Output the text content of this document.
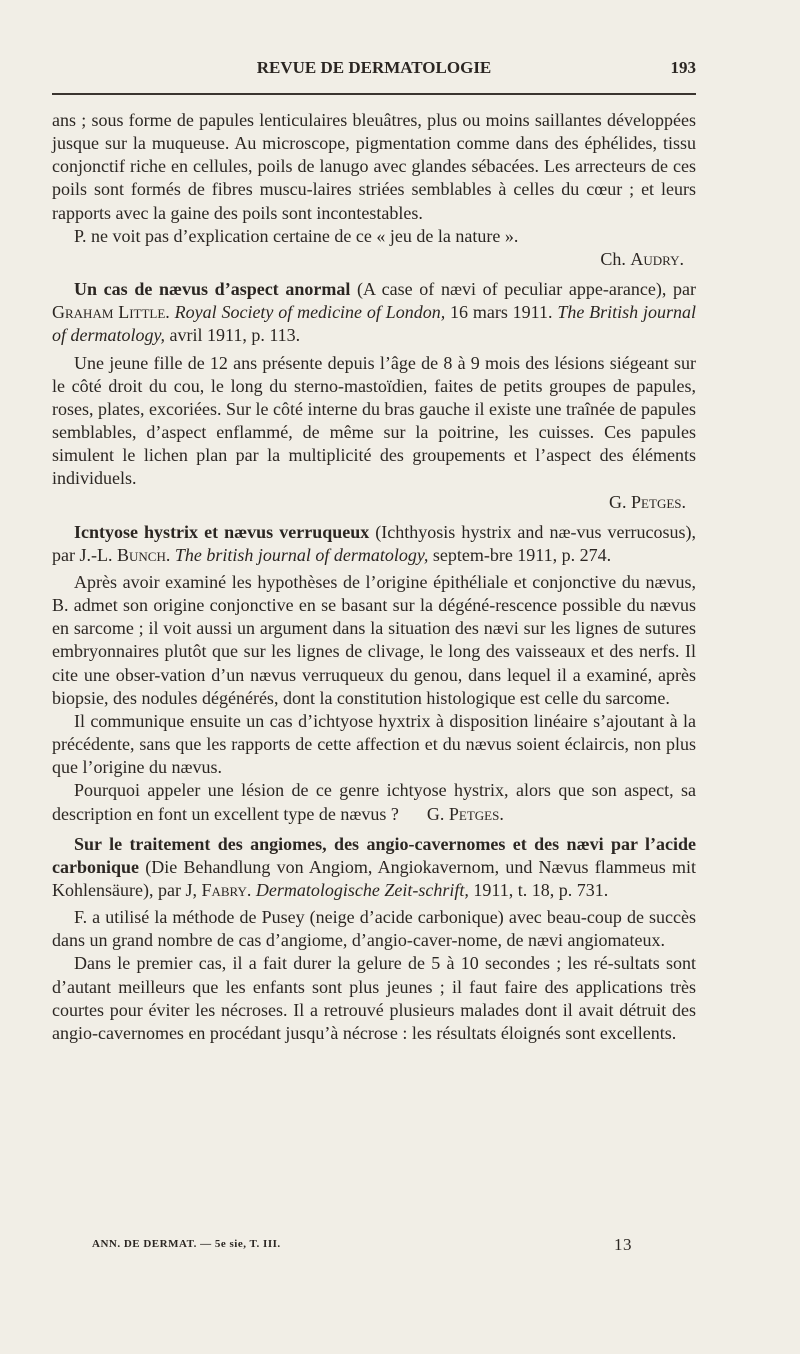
REVUE DE DERMATOLOGIE	193

ans ; sous forme de papules lenticulaires bleuâtres, plus ou moins saillantes développées jusque sur la muqueuse. Au microscope, pigmentation comme dans des éphélides, tissu conjonctif riche en cellules, poils de lanugo avec glandes sébacées. Les arrecteurs de ces poils sont formés de fibres muscu-laires striées semblables à celles du cœur ; et leurs rapports avec la gaine des poils sont incontestables.

P. ne voit pas d’explication certaine de ce « jeu de la nature ».

Ch. Audry.

Un cas de nævus d’aspect anormal (A case of nævi of peculiar appe-arance), par Graham Little. Royal Society of medicine of London, 16 mars 1911. The British journal of dermatology, avril 1911, p. 113.

Une jeune fille de 12 ans présente depuis l’âge de 8 à 9 mois des lésions siégeant sur le côté droit du cou, le long du sterno-mastoïdien, faites de petits groupes de papules, roses, plates, excoriées. Sur le côté interne du bras gauche il existe une traînée de papules semblables, d’aspect enflammé, de même sur la poitrine, les cuisses. Ces papules simulent le lichen plan par la multiplicité des groupements et l’aspect des éléments individuels.

G. Petges.

Icntyose hystrix et nævus verruqueux (Ichthyosis hystrix and næ-vus verrucosus), par J.-L. Bunch. The british journal of dermatology, septem-bre 1911, p. 274.

Après avoir examiné les hypothèses de l’origine épithéliale et conjonctive du nævus, B. admet son origine conjonctive en se basant sur la dégéné-rescence possible du nævus en sarcome ; il voit aussi un argument dans la situation des nævi sur les lignes de sutures embryonnaires plutôt que sur les lignes de clivage, le long des vaisseaux et des nerfs. Il cite une obser-vation d’un nævus verruqueux du genou, dans lequel il a examiné, après biopsie, des nodules dégénérés, dont la constitution histologique est celle du sarcome.

Il communique ensuite un cas d’ichtyose hyxtrix à disposition linéaire s’ajoutant à la précédente, sans que les rapports de cette affection et du nævus soient éclaircis, non plus que l’origine du nævus.

Pourquoi appeler une lésion de ce genre ichtyose hystrix, alors que son aspect, sa description en font un excellent type de nævus ? G. Petges.

Sur le traitement des angiomes, des angio-cavernomes et des nævi par l’acide carbonique (Die Behandlung von Angiom, Angiokavernom, und Nævus flammeus mit Kohlensäure), par J, Fabry. Dermatologische Zeit-schrift, 1911, t. 18, p. 731.

F. a utilisé la méthode de Pusey (neige d’acide carbonique) avec beau-coup de succès dans un grand nombre de cas d’angiome, d’angio-caver-nome, de nævi angiomateux.

Dans le premier cas, il a fait durer la gelure de 5 à 10 secondes ; les ré-sultats sont d’autant meilleurs que les enfants sont plus jeunes ; il faut faire des applications très courtes pour éviter les nécroses. Il a retrouvé plusieurs malades dont il avait détruit des angio-cavernomes en procédant jusqu’à nécrose : les résultats éloignés sont excellents.

ANN. DE DERMAT. — 5e sie, T. III.	13
